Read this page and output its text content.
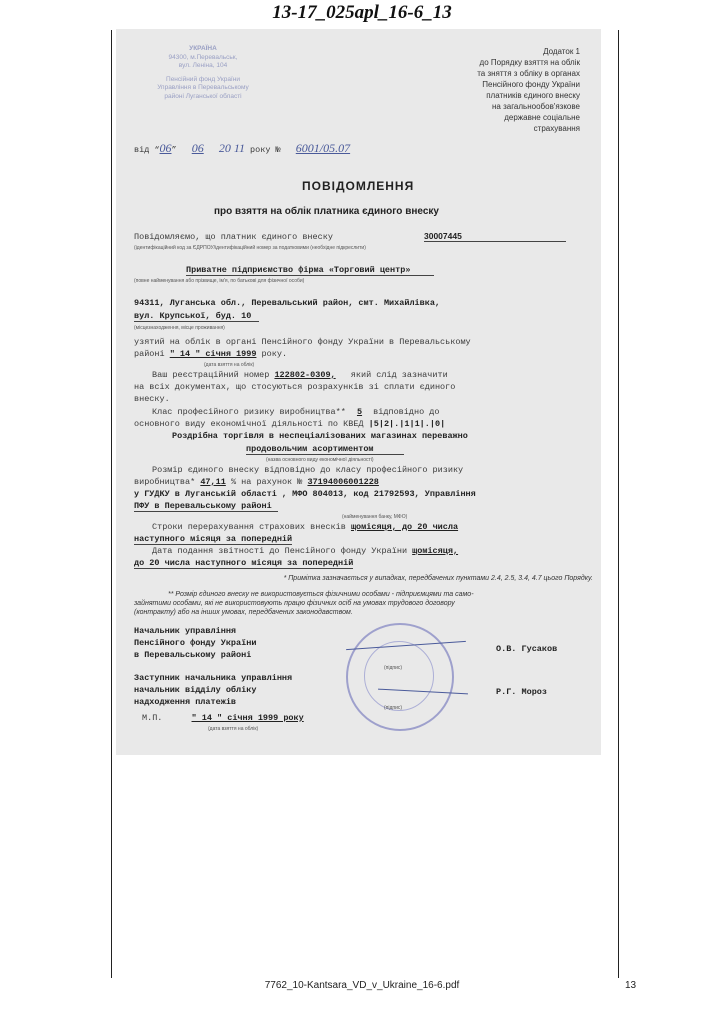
13-17_025apl_16-6_13
УКРАЇНА
94300, м.Перевальськ,
вул. Леніна, 104
Пенсійний фонд України
Управління в Перевальському
районі Луганської області
Додаток 1
до Порядку взяття на облік
та зняття з обліку в органах
Пенсійного фонду України
платників єдиного внеску
на загальнообов'язкове
державне соціальне
страхування
від “06” 06 20 11 року № 6001/05.07
ПОВІДОМЛЕННЯ
про взяття на облік платника єдиного внеску
Повідомляємо, що платник єдиного внеску	30007445
(ідентифікаційний код за ЄДРПОУ/ідентифікаційний номер за податковими (необхідне підкреслити)
Приватне підприємство фірма «Торговий центр»
(повне найменування або прізвище, ім'я, по батькові для фізичної особи)
94311, Луганська обл., Перевальський район, смт. Михайлівка,
вул. Крупської, буд. 10
(місцезнаходження, місце проживання)
узятий на облік в органі Пенсійного фонду України в Перевальському
районі " 14 " січня 1999 року.
(дата взяття на облік)
Ваш реєстраційний номер 122802-0309, який слід зазначити
на всіх документах, що стосуються розрахунків зі сплати єдиного
внеску.
Клас професійного ризику виробництва** 5 відповідно до
основного виду економічної діяльності по КВЕД |5|2|.|1|1|.|0|
Роздрібна торгівля в неспеціалізованих магазинах переважно
продовольчим асортиментом
(назва основного виду економічної діяльності)
Розмір єдиного внеску відповідно до класу професійного ризику
виробництва* 47,11 % на рахунок № 37194006001228
у ГУДКУ в Луганській області , МФО 804013, код 21792593, Управління
ПФУ в Перевальському районі
(найменування банку, МФО)
Строки перерахування страхових внесків щомісяця, до 20 числа
наступного місяця за попередній
Дата подання звітності до Пенсійного фонду України щомісяця,
до 20 числа наступного місяця за попередній
* Примітка зазначається у випадках, передбачених пунктами 2.4, 2.5, 3.4, 4.7 цього Порядку.
** Розмір єдиного внеску не використовується фізичними особами - підприємцями та само-
зайнятими особами, які не використовують працю фізичних осіб на умовах трудового договору
(контракту) або на інших умовах, передбачених законодавством.
Начальник управління
Пенсійного фонду України
в Перевальському районі
О.В. Гусаков
(підпис)
Заступник начальника управління
начальник відділу обліку
надходження платежів
Р.Г. Мороз
(підпис)
М.П.	" 14 " січня 1999 року
(дата взяття на облік)
7762_10-Kantsara_VD_v_Ukraine_16-6.pdf	13
